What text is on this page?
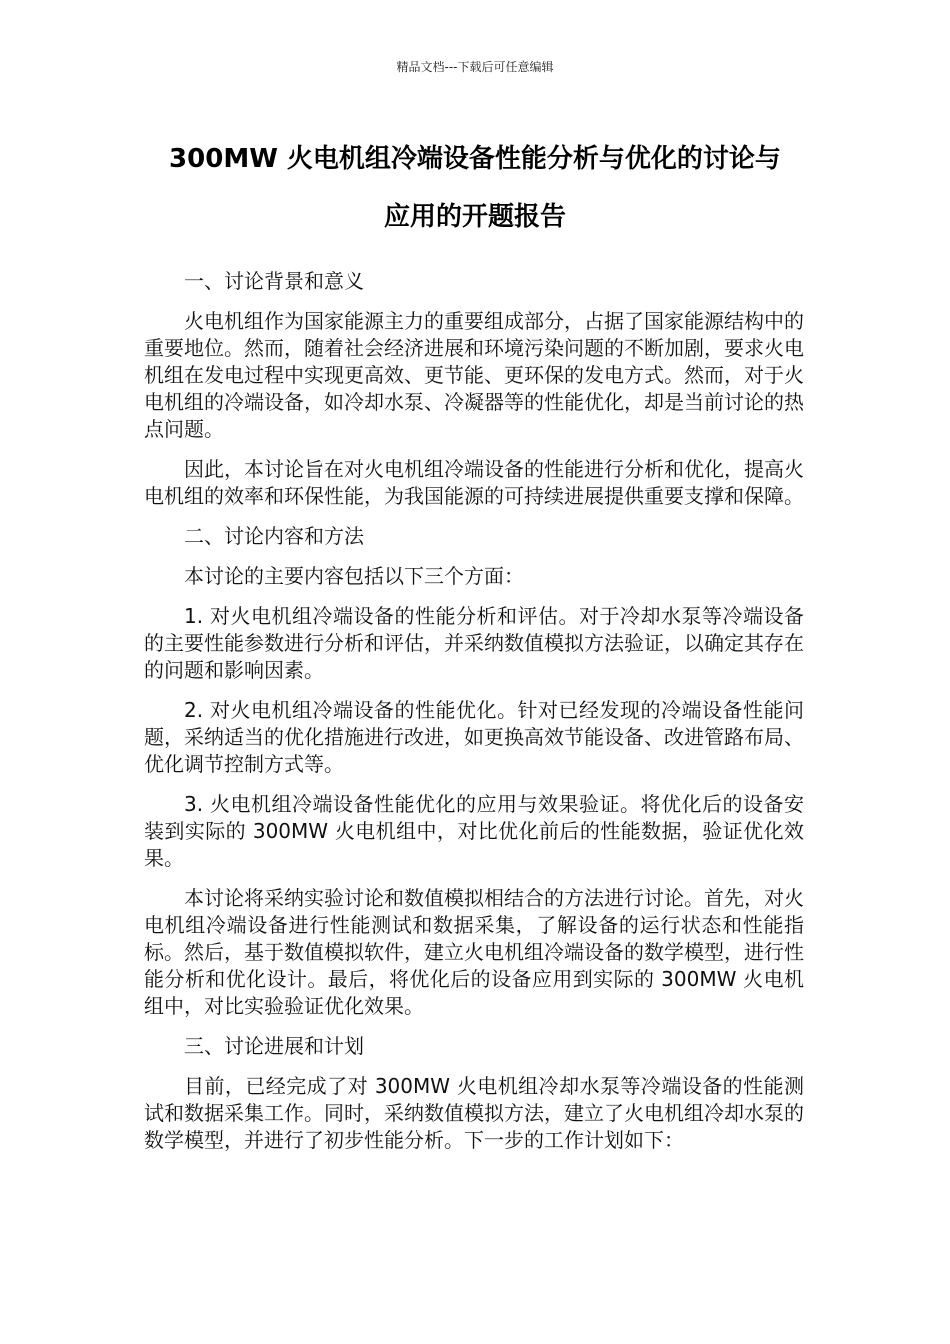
精品文档---下载后可任意编辑
300MW 火电机组冷端设备性能分析与优化的讨论与
应用的开题报告

一、讨论背景和意义

火电机组作为国家能源主力的重要组成部分，占据了国家能源结构中的重要地位。然而，随着社会经济进展和环境污染问题的不断加剧，要求火电机组在发电过程中实现更高效、更节能、更环保的发电方式。然而，对于火电机组的冷端设备，如冷却水泵、冷凝器等的性能优化，却是当前讨论的热点问题。

因此，本讨论旨在对火电机组冷端设备的性能进行分析和优化，提高火电机组的效率和环保性能，为我国能源的可持续进展提供重要支撑和保障。

二、讨论内容和方法

本讨论的主要内容包括以下三个方面：

1. 对火电机组冷端设备的性能分析和评估。对于冷却水泵等冷端设备的主要性能参数进行分析和评估，并采纳数值模拟方法验证，以确定其存在的问题和影响因素。

2. 对火电机组冷端设备的性能优化。针对已经发现的冷端设备性能问题，采纳适当的优化措施进行改进，如更换高效节能设备、改进管路布局、优化调节控制方式等。

3. 火电机组冷端设备性能优化的应用与效果验证。将优化后的设备安装到实际的 300MW 火电机组中，对比优化前后的性能数据，验证优化效果。

本讨论将采纳实验讨论和数值模拟相结合的方法进行讨论。首先，对火电机组冷端设备进行性能测试和数据采集，了解设备的运行状态和性能指标。然后，基于数值模拟软件，建立火电机组冷端设备的数学模型，进行性能分析和优化设计。最后，将优化后的设备应用到实际的 300MW 火电机组中，对比实验验证优化效果。

三、讨论进展和计划

目前，已经完成了对 300MW 火电机组冷却水泵等冷端设备的性能测试和数据采集工作。同时，采纳数值模拟方法，建立了火电机组冷却水泵的数学模型，并进行了初步性能分析。下一步的工作计划如下：
